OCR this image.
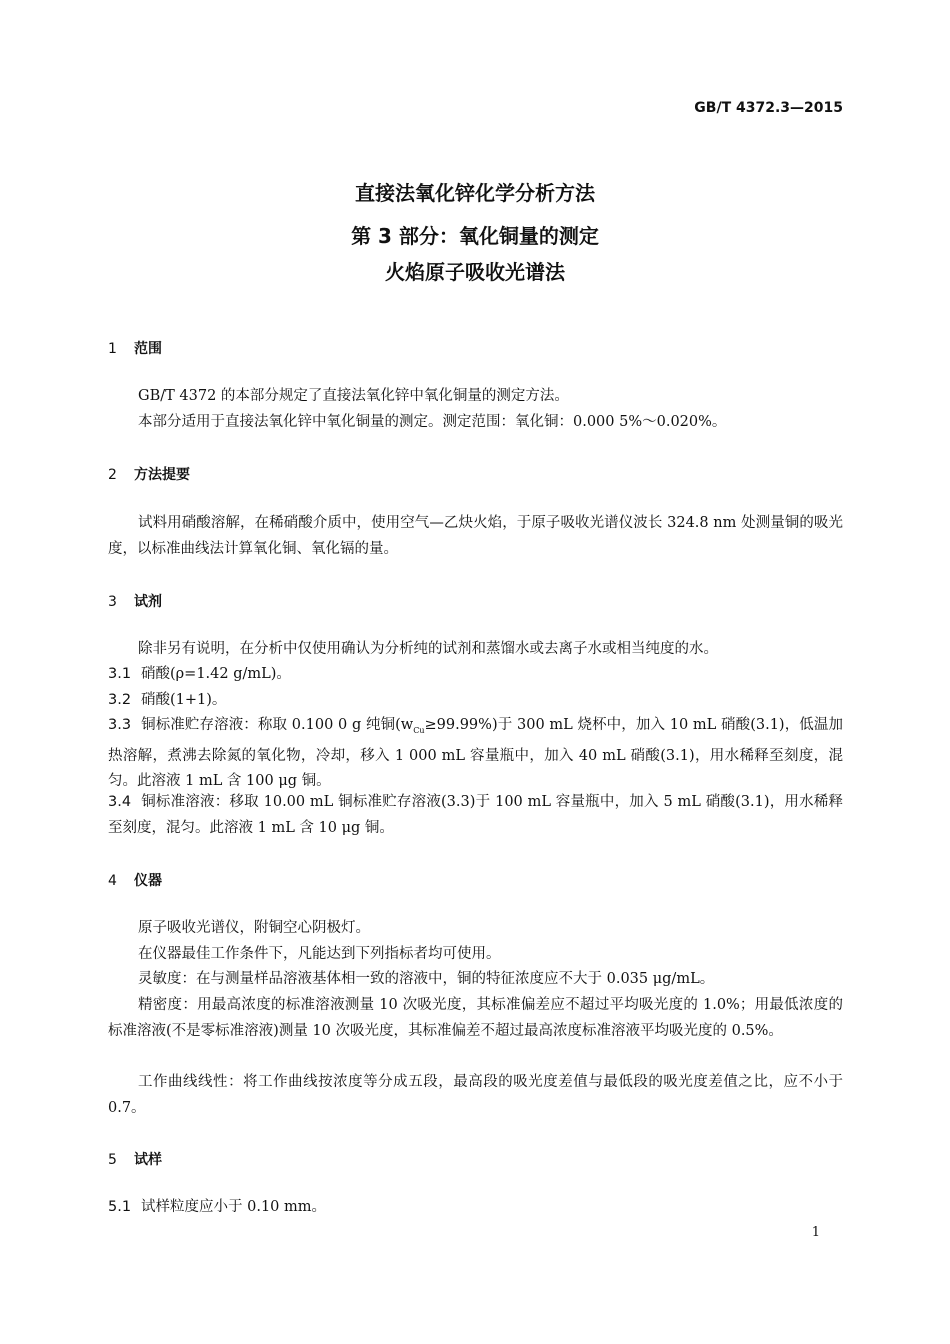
GB/T 4372.3—2015
直接法氧化锌化学分析方法
第 3 部分：氧化铜量的测定
火焰原子吸收光谱法
1 范围
GB/T 4372 的本部分规定了直接法氧化锌中氧化铜量的测定方法。
本部分适用于直接法氧化锌中氧化铜量的测定。测定范围：氧化铜：0.000 5%～0.020%。
2 方法提要
试料用硝酸溶解，在稀硝酸介质中，使用空气—乙炔火焰，于原子吸收光谱仪波长 324.8 nm 处测量铜的吸光度，以标准曲线法计算氧化铜、氧化镉的量。
3 试剂
除非另有说明，在分析中仅使用确认为分析纯的试剂和蒸馏水或去离子水或相当纯度的水。
3.1 硝酸(ρ=1.42 g/mL)。
3.2 硝酸(1+1)。
3.3 铜标准贮存溶液：称取 0.100 0 g 纯铜$(w_{Cu}\ge 99.99\%)$于 300 mL 烧杯中，加入 10 mL 硝酸(3.1)，低温加热溶解，煮沸去除氮的氧化物，冷却，移入 1 000 mL 容量瓶中，加入 40 mL 硝酸(3.1)，用水稀释至刻度，混匀。此溶液 1 mL 含 100 μg 铜。
3.4 铜标准溶液：移取 10.00 mL 铜标准贮存溶液(3.3)于 100 mL 容量瓶中，加入 5 mL 硝酸(3.1)，用水稀释至刻度，混匀。此溶液 1 mL 含 10 μg 铜。
4 仪器
原子吸收光谱仪，附铜空心阴极灯。
在仪器最佳工作条件下，凡能达到下列指标者均可使用。
灵敏度：在与测量样品溶液基体相一致的溶液中，铜的特征浓度应不大于 0.035 μg/mL。
精密度：用最高浓度的标准溶液测量 10 次吸光度，其标准偏差应不超过平均吸光度的 1.0%；用最低浓度的标准溶液(不是零标准溶液)测量 10 次吸光度，其标准偏差不超过最高浓度标准溶液平均吸光度的 0.5%。
工作曲线线性：将工作曲线按浓度等分成五段，最高段的吸光度差值与最低段的吸光度差值之比，应不小于 0.7。
5 试样
5.1 试样粒度应小于 0.10 mm。
1
